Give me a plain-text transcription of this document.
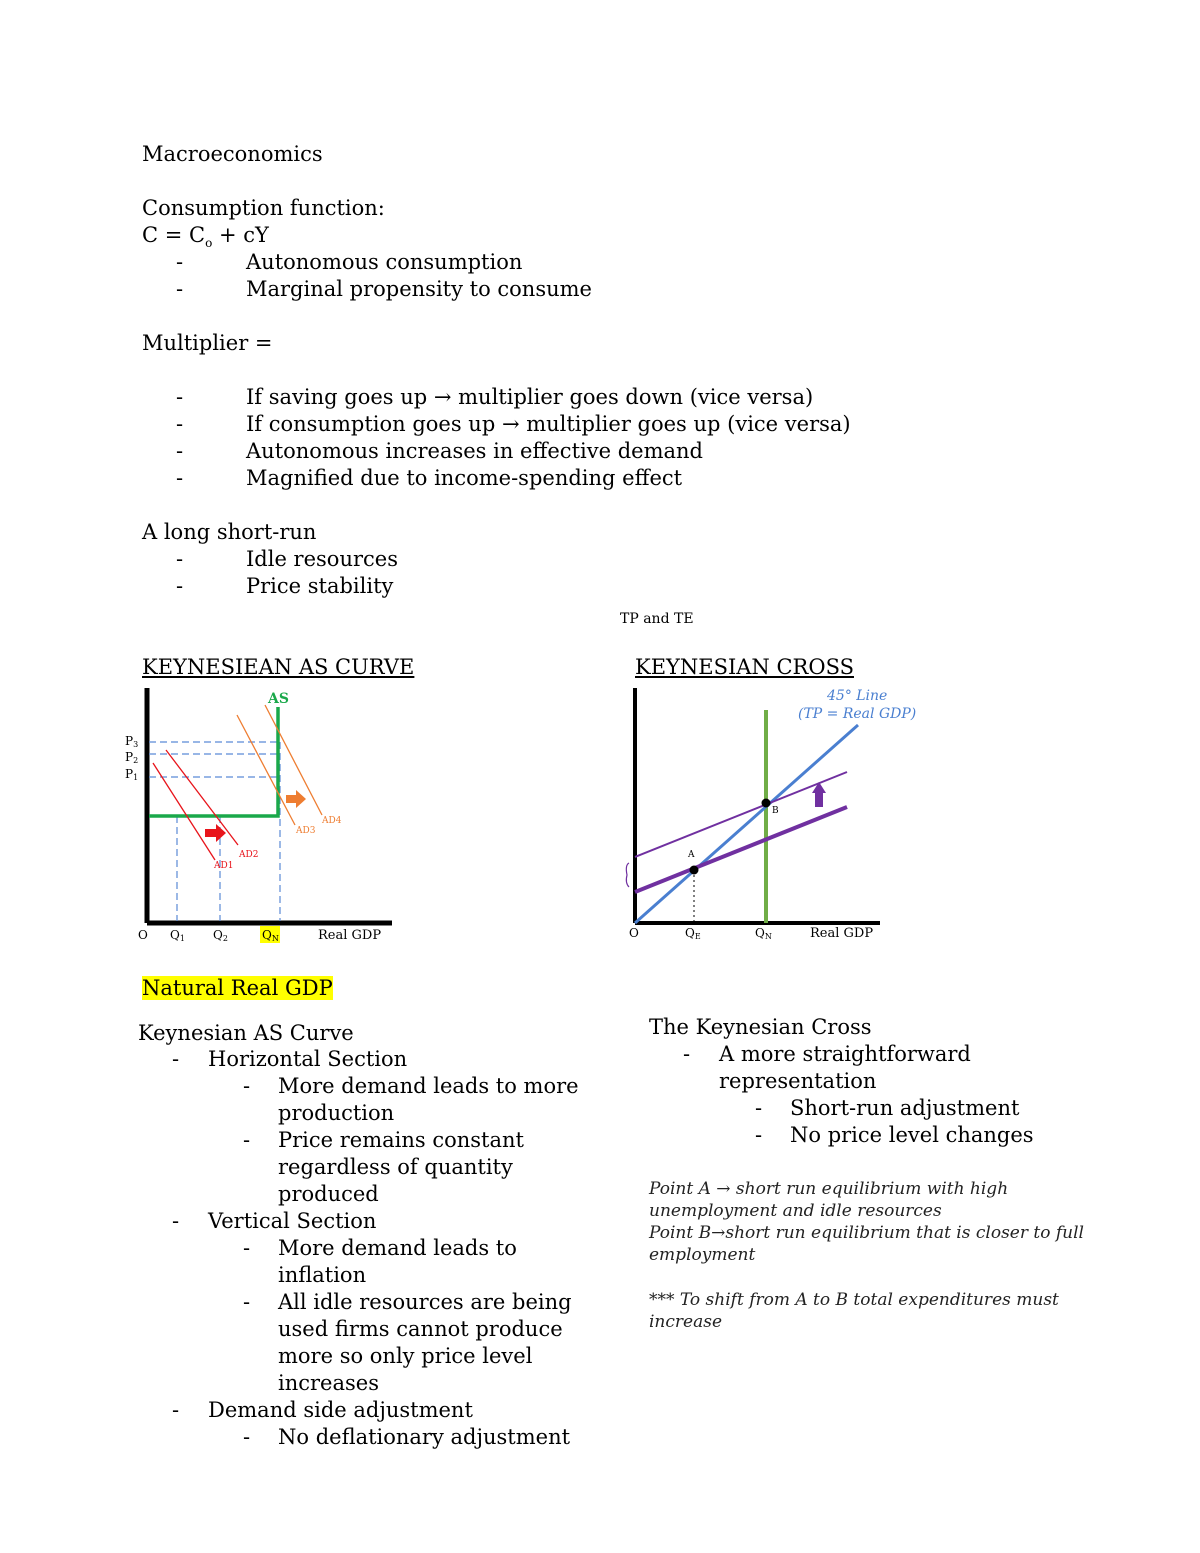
Macroeconomics
Consumption function:
$C = C_o$ + cY
-	Autonomous consumption
-	Marginal propensity to consume
Multiplier =
-	If saving goes up → multiplier goes down (vice versa)
-	If consumption goes up → multiplier goes up (vice versa)
-	Autonomous increases in effective demand
-	Magnified due to income-spending effect
A long short-run
-	Idle resources
-	Price stability
TP and TE
KEYNESIEAN AS CURVE	KEYNESIAN CROSS
AS
AD1
AD2
AD3
AD4
P3
P2
P1
O Q1 Q2	QN	Real GDP
A
B
45° Line
(TP = Real GDP)
O	QE	QN	Real GDP
Natural Real GDP
Keynesian AS Curve
- Horizontal Section
- More demand leads to more
production
- Price remains constant
regardless of quantity
produced
- Vertical Section
- More demand leads to
inflation
- All idle resources are being
used firms cannot produce
more so only price level
increases
- Demand side adjustment
- No deflationary adjustment
The Keynesian Cross
- A more straightforward
representation
- Short-run adjustment
- No price level changes
Point A → short run equilibrium with high unemployment and idle resources
Point B→short run equilibrium that is closer to full employment
*** To shift from A to B total expenditures must increase
